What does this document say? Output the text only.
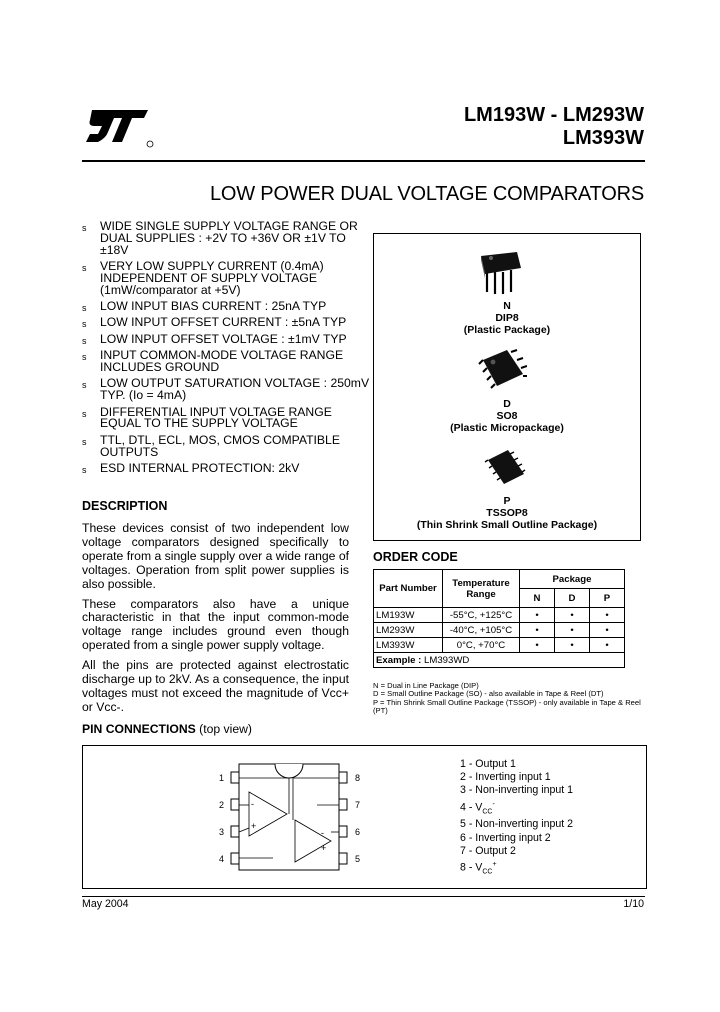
LM193W - LM293W
LM393W
LOW POWER DUAL VOLTAGE COMPARATORS
s WIDE SINGLE SUPPLY VOLTAGE RANGE OR DUAL SUPPLIES : +2V TO +36V OR ±1V TO ±18V
s VERY LOW SUPPLY CURRENT (0.4mA) INDEPENDENT OF SUPPLY VOLTAGE (1mW/comparator at +5V)
s LOW INPUT BIAS CURRENT : 25nA TYP
s LOW INPUT OFFSET CURRENT : ±5nA TYP
s LOW INPUT OFFSET VOLTAGE : ±1mV TYP
s INPUT COMMON-MODE VOLTAGE RANGE INCLUDES GROUND
s LOW OUTPUT SATURATION VOLTAGE : 250mV TYP. (Io = 4mA)
s DIFFERENTIAL INPUT VOLTAGE RANGE EQUAL TO THE SUPPLY VOLTAGE
s TTL, DTL, ECL, MOS, CMOS COMPATIBLE OUTPUTS
s ESD INTERNAL PROTECTION: 2kV
DESCRIPTION

These devices consist of two independent low voltage comparators designed specifically to operate from a single supply over a wide range of voltages. Operation from split power supplies is also possible.

These comparators also have a unique characteristic in that the input common-mode voltage range includes ground even though operated from a single power supply voltage.

All the pins are protected against electrostatic discharge up to 2kV. As a consequence, the input voltages must not exceed the magnitude of Vcc+ or Vcc-.

N
DIP8
(Plastic Package)
D
SO8
(Plastic Micropackage)
P
TSSOP8
(Thin Shrink Small Outline Package)
ORDER CODE
Part Number	Temperature Range	Package		
		N	D	P
LM193W	-55°C, +125°C	•	•	•
LM293W	-40°C, +105°C	•	•	•
LM393W	0°C, +70°C	•	•	•
Example : LM393WD				
N = Dual in Line Package (DIP)
D = Small Outline Package (SO) - also available in Tape & Reel (DT)
P = Thin Shrink Small Outline Package (TSSOP) - only available in Tape & Reel (PT)
PIN CONNECTIONS (top view)
-
+
-
+
1
2
3
4
8
7
6
5
1 - Output 1
2 - Inverting input 1
3 - Non-inverting input 1
$4 - V_{CC}^-$
5 - Non-inverting input 2
6 - Inverting input 2
7 - Output 2
$8 - V_{CC}^+$
May 2004	1/10
